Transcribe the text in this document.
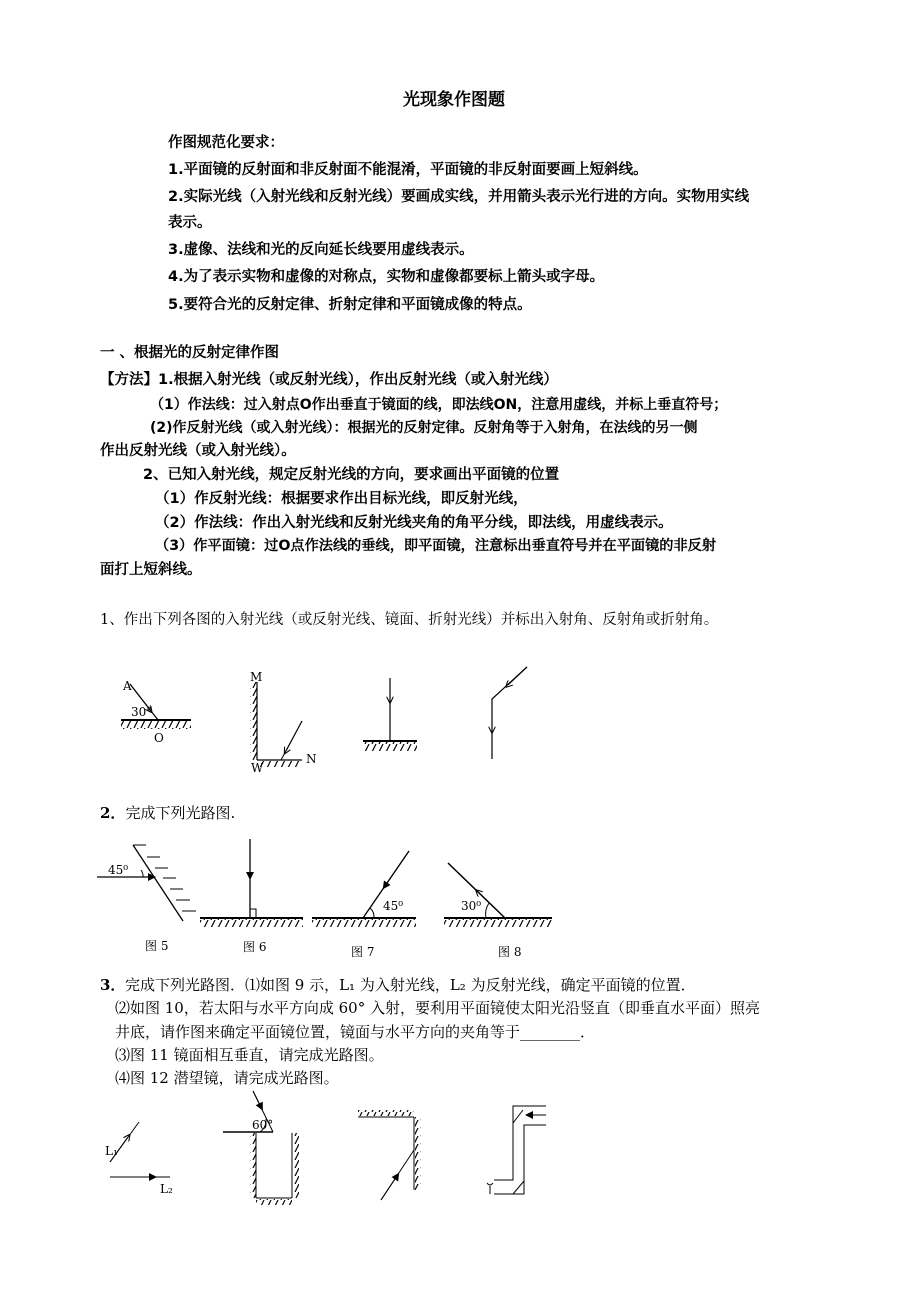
光现象作图题
作图规范化要求：
1.平面镜的反射面和非反射面不能混淆，平面镜的非反射面要画上短斜线。
2.实际光线（入射光线和反射光线）要画成实线，并用箭头表示光行进的方向。实物用实线
表示。
3.虚像、法线和光的反向延长线要用虚线表示。
4.为了表示实物和虚像的对称点，实物和虚像都要标上箭头或字母。
5.要符合光的反射定律、折射定律和平面镜成像的特点。
一 、根据光的反射定律作图
【方法】1.根据入射光线（或反射光线），作出反射光线（或入射光线）
（1）作法线：过入射点O作出垂直于镜面的线，即法线ON，注意用虚线，并标上垂直符号；
(2)作反射光线（或入射光线）：根据光的反射定律。反射角等于入射角，在法线的另一侧
作出反射光线（或入射光线）。
2、已知入射光线，规定反射光线的方向，要求画出平面镜的位置
（1）作反射光线：根据要求作出目标光线，即反射光线，
（2）作法线：作出入射光线和反射光线夹角的角平分线，即法线，用虚线表示。
（3）作平面镜：过O点作法线的垂线，即平面镜，注意标出垂直符号并在平面镜的非反射
面打上短斜线。
1、作出下列各图的入射光线（或反射光线、镜面、折射光线）并标出入射角、反射角或折射角。
2．完成下列光路图.
3． 完成下列光路图．⑴如图 9 示，L₁ 为入射光线，L₂ 为反射光线，确定平面镜的位置．
⑵如图 10，若太阳与水平方向成 60° 入射，要利用平面镜使太阳光沿竖直（即垂直水平面）照亮
井底，请作图来确定平面镜位置，镜面与水平方向的夹角等于________．
⑶图 11 镜面相互垂直，请完成光路图。
⑷图 12 潜望镜，请完成光路图。
A
30°
O
M
W
N
45⁰
45⁰	30⁰
图 5	图 6	图 7	图 8
L₁
L₂
60°
